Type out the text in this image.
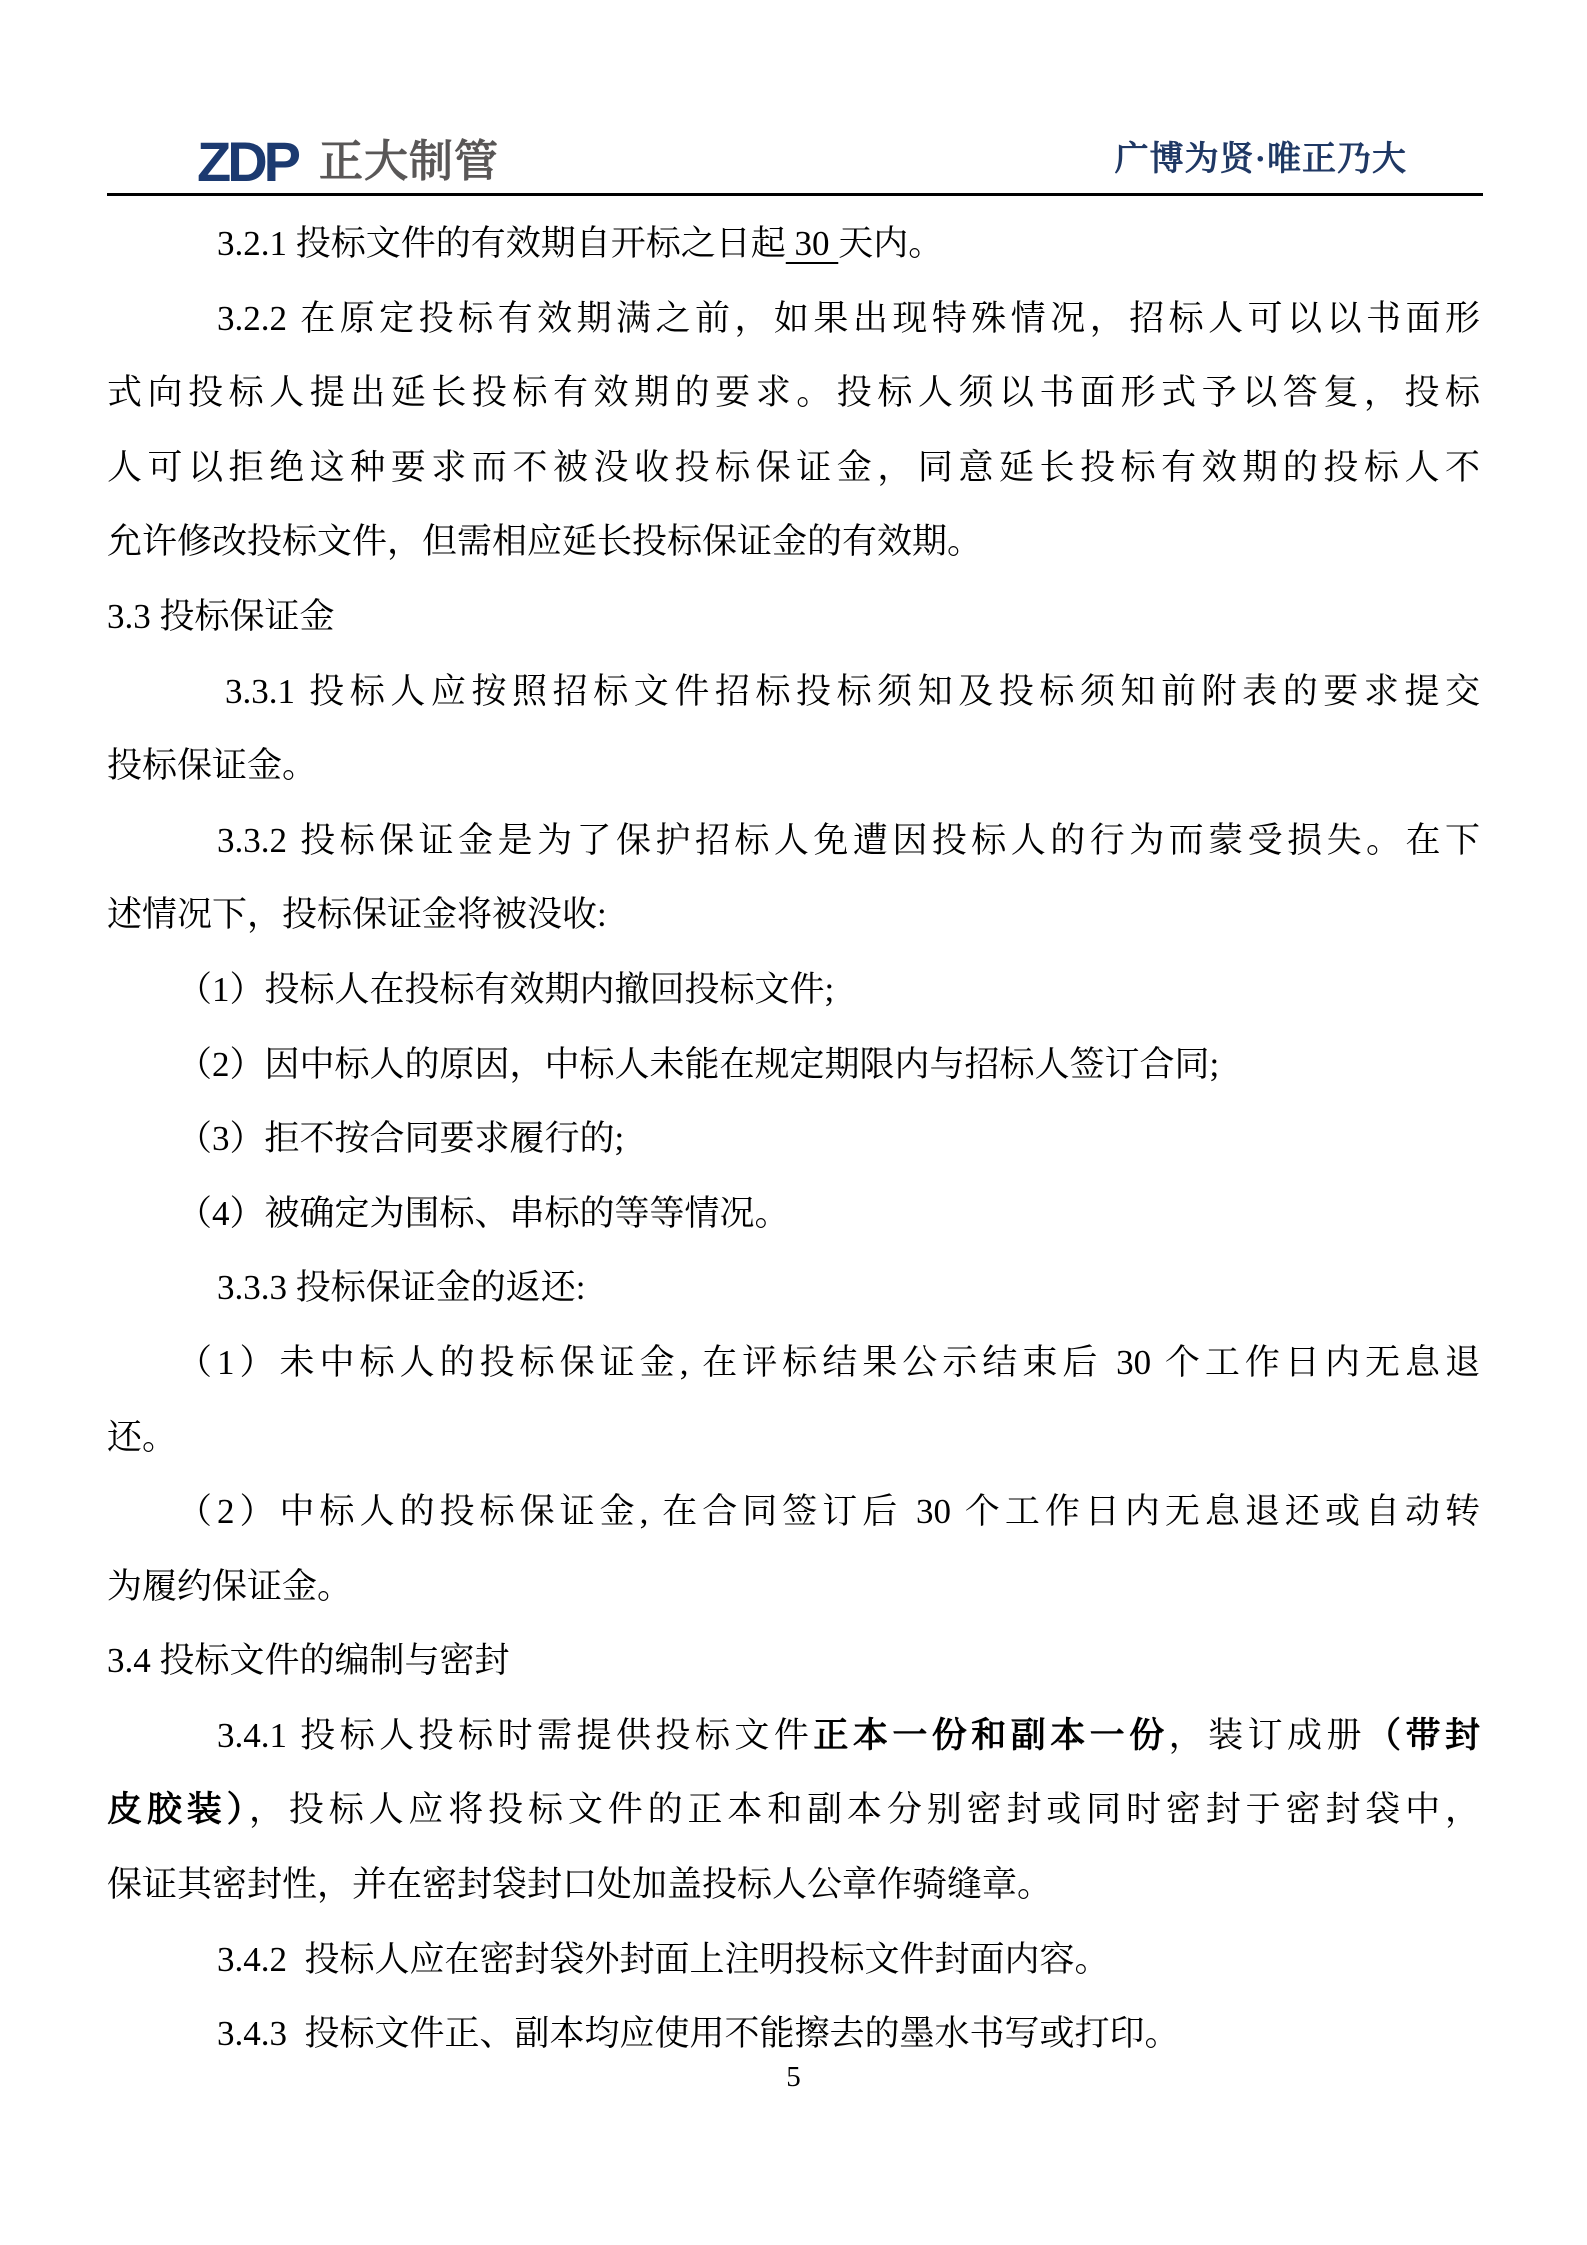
ZDP 正大制管	广博为贤·唯正乃大
3.2.1 投标文件的有效期自开标之日起 30 天内。
3.2.2 在原定投标有效期满之前，如果出现特殊情况，招标人可以以书面形
式向投标人提出延长投标有效期的要求。投标人须以书面形式予以答复，投标
人可以拒绝这种要求而不被没收投标保证金，同意延长投标有效期的投标人不
允许修改投标文件，但需相应延长投标保证金的有效期。
3.3 投标保证金
3.3.1 投标人应按照招标文件招标投标须知及投标须知前附表的要求提交
投标保证金。
3.3.2 投标保证金是为了保护招标人免遭因投标人的行为而蒙受损失。在下
述情况下，投标保证金将被没收:
（1）投标人在投标有效期内撤回投标文件;
（2）因中标人的原因，中标人未能在规定期限内与招标人签订合同;
（3）拒不按合同要求履行的;
（4）被确定为围标、串标的等等情况。
3.3.3 投标保证金的返还:
（1）未中标人的投标保证金, 在评标结果公示结束后 30 个工作日内无息退
还。
（2）中标人的投标保证金, 在合同签订后 30 个工作日内无息退还或自动转
为履约保证金。
3.4 投标文件的编制与密封
3.4.1 投标人投标时需提供投标文件正本一份和副本一份，装订成册（带封
皮胶装），投标人应将投标文件的正本和副本分别密封或同时密封于密封袋中，
保证其密封性，并在密封袋封口处加盖投标人公章作骑缝章。
3.4.2  投标人应在密封袋外封面上注明投标文件封面内容。
3.4.3  投标文件正、副本均应使用不能擦去的墨水书写或打印。
5
